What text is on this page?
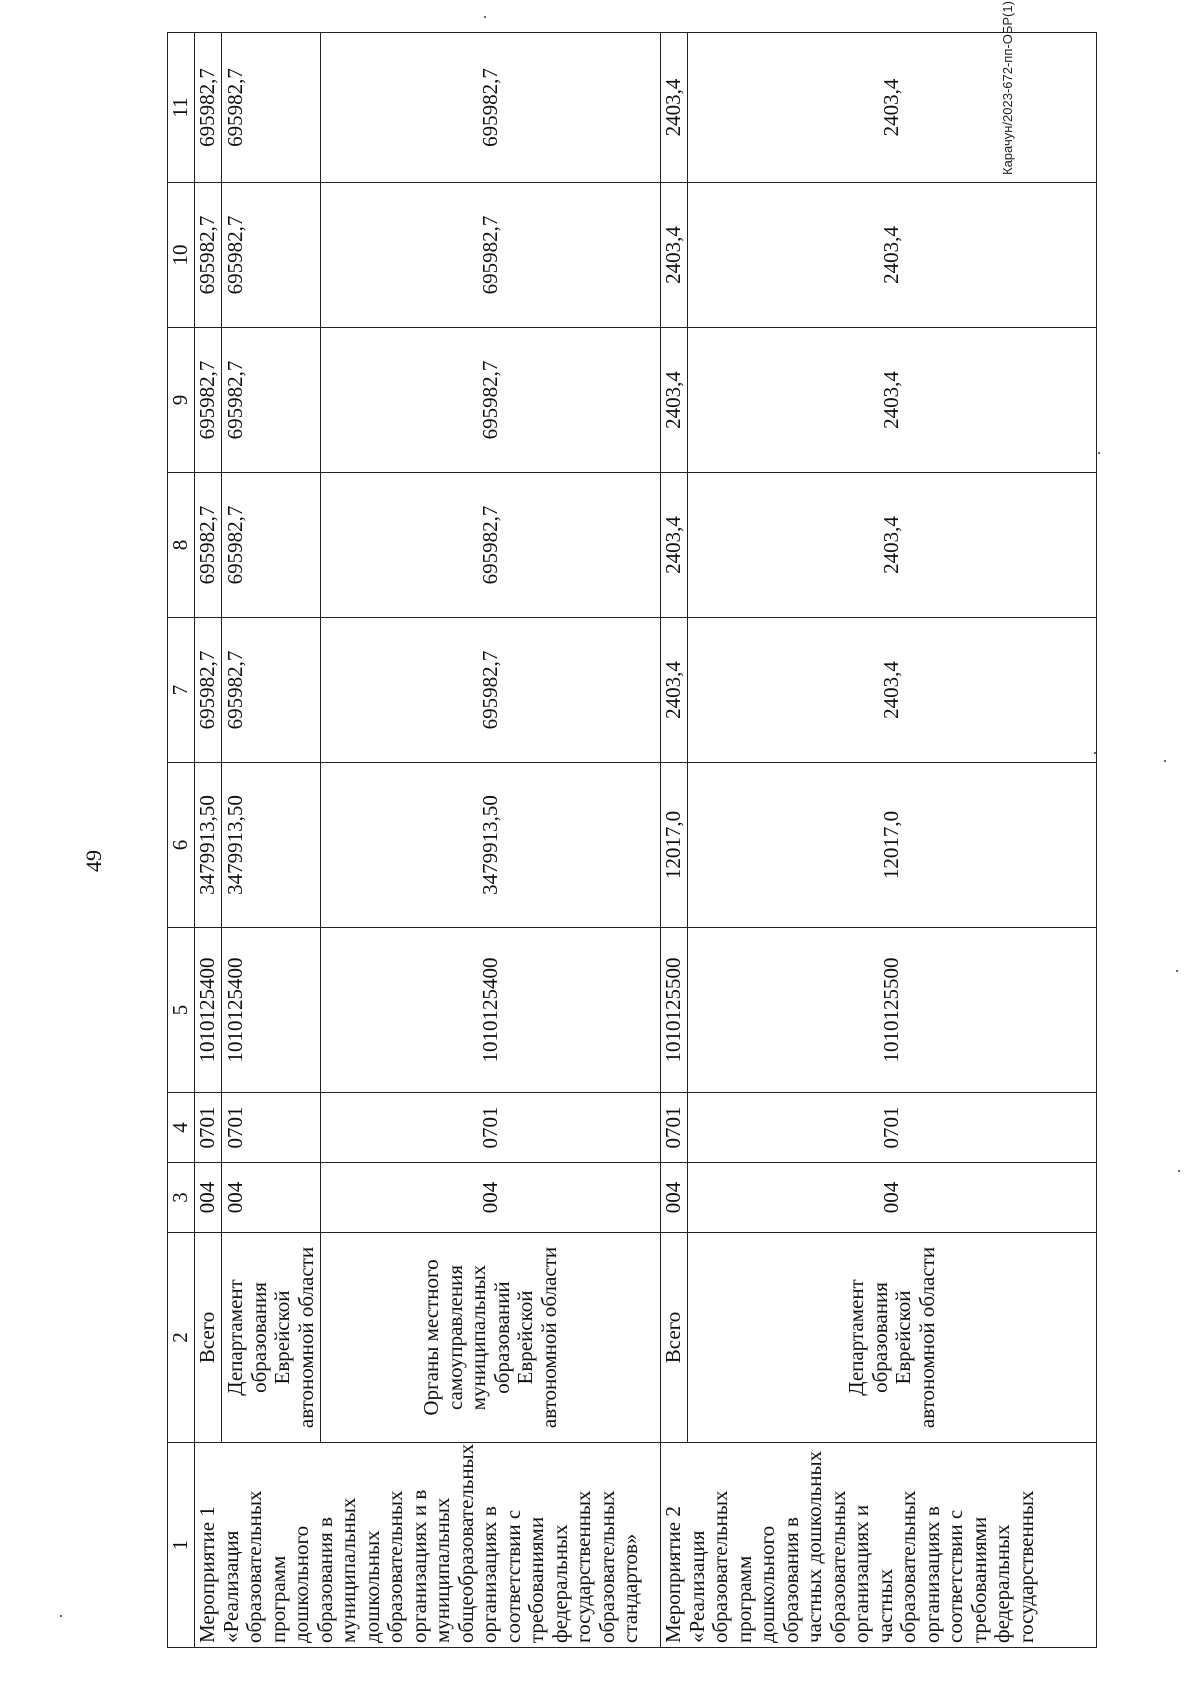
49
Карачун/2023-672-пп-ОБР(1)
1	2	3	4	5	6	7	8	9	10	11
Мероприятие 1 «Реализация образовательных программ дошкольного образования в муниципальных дошкольных образовательных организациях и в муниципальных общеобразовательных организациях в соответствии с требованиями федеральных государственных образовательных стандартов»	Всего	004	0701	1010125400	3479913,50	695982,7	695982,7	695982,7	695982,7	695982,7
	Департамент образования Еврейской автономной области	004	0701	1010125400	3479913,50	695982,7	695982,7	695982,7	695982,7	695982,7
	Органы местного самоуправления муниципальных образований Еврейской автономной области	004	0701	1010125400	3479913,50	695982,7	695982,7	695982,7	695982,7	695982,7
Мероприятие 2 «Реализация образовательных программ дошкольного образования в частных дошкольных образовательных организациях и частных образовательных организациях в соответствии с требованиями федеральных государственных	Всего	004	0701	1010125500	12017,0	2403,4	2403,4	2403,4	2403,4	2403,4
	Департамент образования Еврейской автономной области	004	0701	1010125500	12017,0	2403,4	2403,4	2403,4	2403,4	2403,4
